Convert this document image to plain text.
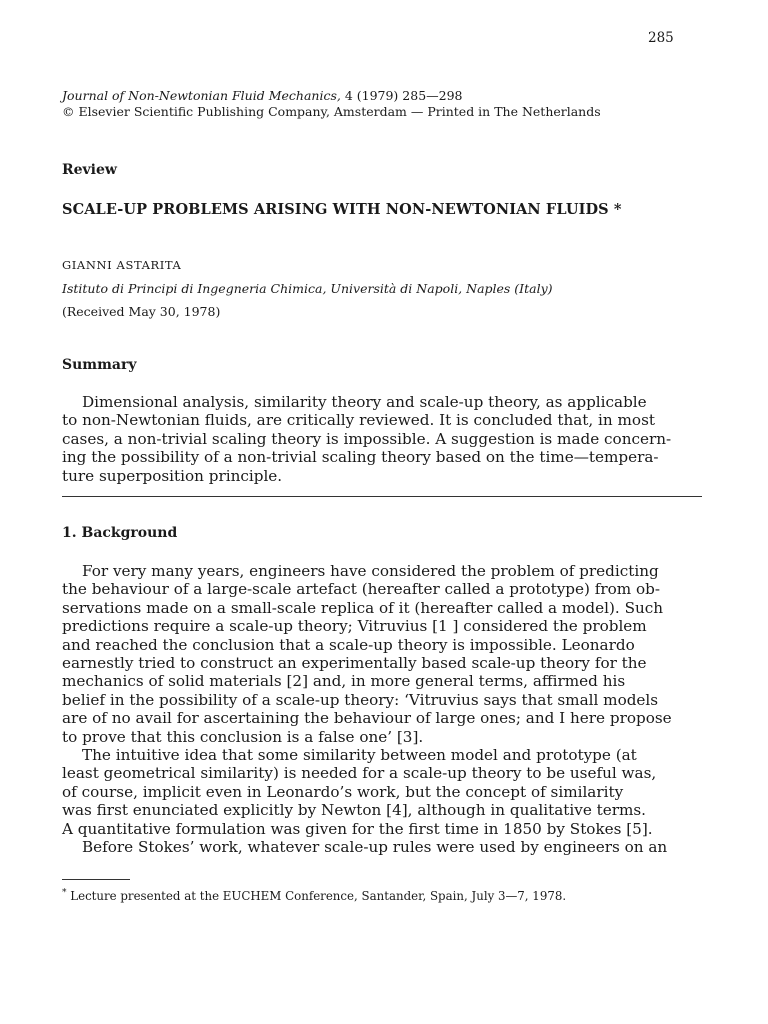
285
Journal of Non-Newtonian Fluid Mechanics, 4 (1979) 285—298
© Elsevier Scientific Publishing Company, Amsterdam — Printed in The Netherlands
Review
SCALE-UP PROBLEMS ARISING WITH NON-NEWTONIAN FLUIDS *
GIANNI ASTARITA
Istituto di Principi di Ingegneria Chimica, Università di Napoli, Naples (Italy)
(Received May 30, 1978)
Summary
Dimensional analysis, similarity theory and scale-up theory, as applicable
to non-Newtonian fluids, are critically reviewed. It is concluded that, in most
cases, a non-trivial scaling theory is impossible. A suggestion is made concern-
ing the possibility of a non-trivial scaling theory based on the time—tempera-
ture superposition principle.
1. Background
For very many years, engineers have considered the problem of predicting
the behaviour of a large-scale artefact (hereafter called a prototype) from ob-
servations made on a small-scale replica of it (hereafter called a model). Such
predictions require a scale-up theory; Vitruvius [1 ] considered the problem
and reached the conclusion that a scale-up theory is impossible. Leonardo
earnestly tried to construct an experimentally based scale-up theory for the
mechanics of solid materials [2] and, in more general terms, affirmed his
belief in the possibility of a scale-up theory: ‘Vitruvius says that small models
are of no avail for ascertaining the behaviour of large ones; and I here propose
to prove that this conclusion is a false one’ [3].
The intuitive idea that some similarity between model and prototype (at
least geometrical similarity) is needed for a scale-up theory to be useful was,
of course, implicit even in Leonardo’s work, but the concept of similarity
was first enunciated explicitly by Newton [4], although in qualitative terms.
A quantitative formulation was given for the first time in 1850 by Stokes [5].
Before Stokes’ work, whatever scale-up rules were used by engineers on an
* Lecture presented at the EUCHEM Conference, Santander, Spain, July 3—7, 1978.
